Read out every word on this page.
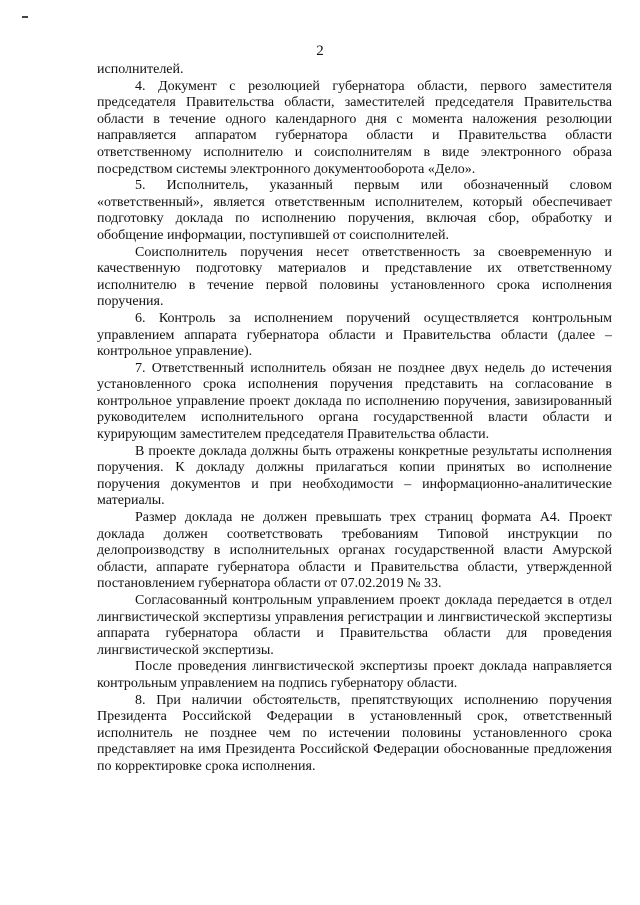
2

исполнителей.

4. Документ с резолюцией губернатора области, первого заместителя председателя Правительства области, заместителей председателя Правительства области в течение одного календарного дня с момента наложения резолюции направляется аппаратом губернатора области и Правительства области ответственному исполнителю и соисполнителям в виде электронного образа посредством системы электронного документооборота «Дело».

5. Исполнитель, указанный первым или обозначенный словом «ответственный», является ответственным исполнителем, который обеспечивает подготовку доклада по исполнению поручения, включая сбор, обработку и обобщение информации, поступившей от соисполнителей.

Соисполнитель поручения несет ответственность за своевременную и качественную подготовку материалов и представление их ответственному исполнителю в течение первой половины установленного срока исполнения поручения.

6. Контроль за исполнением поручений осуществляется контрольным управлением аппарата губернатора области и Правительства области (далее – контрольное управление).

7. Ответственный исполнитель обязан не позднее двух недель до истечения установленного срока исполнения поручения представить на согласование в контрольное управление проект доклада по исполнению поручения, завизированный руководителем исполнительного органа государственной власти области и курирующим заместителем председателя Правительства области.

В проекте доклада должны быть отражены конкретные результаты исполнения поручения. К докладу должны прилагаться копии принятых во исполнение поручения документов и при необходимости – информационно-аналитические материалы.

Размер доклада не должен превышать трех страниц формата А4. Проект доклада должен соответствовать требованиям Типовой инструкции по делопроизводству в исполнительных органах государственной власти Амурской области, аппарате губернатора области и Правительства области, утвержденной постановлением губернатора области от 07.02.2019 № 33.

Согласованный контрольным управлением проект доклада передается в отдел лингвистической экспертизы управления регистрации и лингвистической экспертизы аппарата губернатора области и Правительства области для проведения лингвистической экспертизы.

После проведения лингвистической экспертизы проект доклада направляется контрольным управлением на подпись губернатору области.

8. При наличии обстоятельств, препятствующих исполнению поручения Президента Российской Федерации в установленный срок, ответственный исполнитель не позднее чем по истечении половины установленного срока представляет на имя Президента Российской Федерации обоснованные предложения по корректировке срока исполнения.
